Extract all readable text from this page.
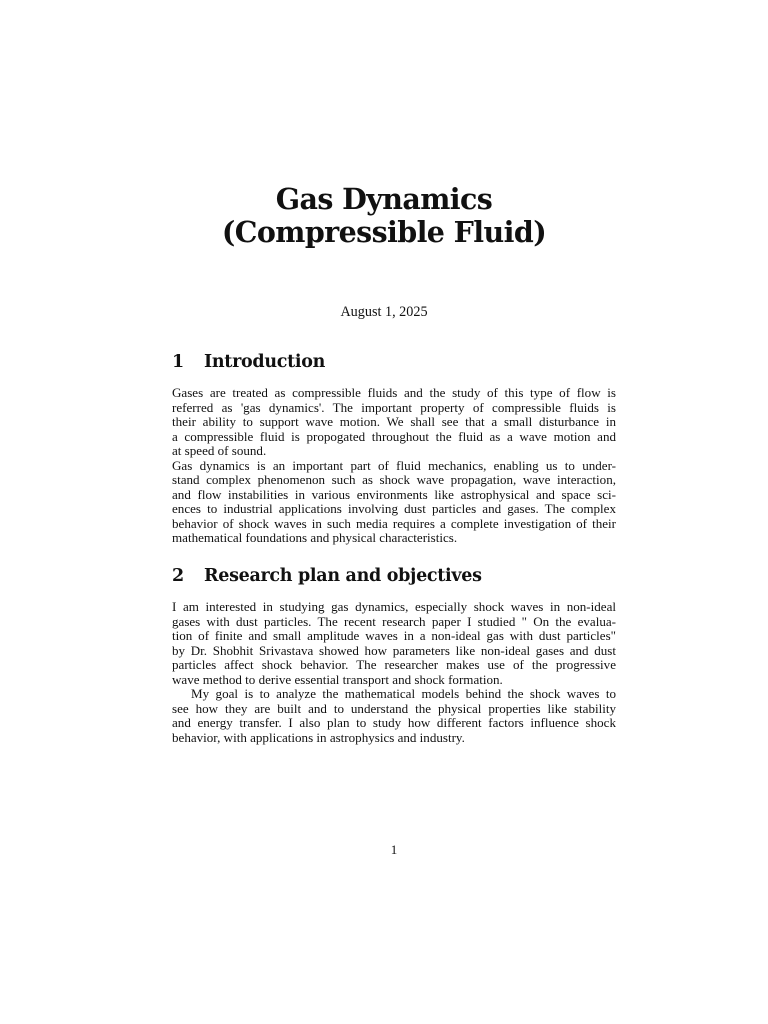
Gas Dynamics
(Compressible Fluid)
August 1, 2025
1 Introduction
Gases are treated as compressible fluids and the study of this type of flow is
referred as 'gas dynamics'. The important property of compressible fluids is
their ability to support wave motion. We shall see that a small disturbance in
a compressible fluid is propogated throughout the fluid as a wave motion and
at speed of sound.
Gas dynamics is an important part of fluid mechanics, enabling us to under-
stand complex phenomenon such as shock wave propagation, wave interaction,
and flow instabilities in various environments like astrophysical and space sci-
ences to industrial applications involving dust particles and gases. The complex
behavior of shock waves in such media requires a complete investigation of their
mathematical foundations and physical characteristics.
2 Research plan and objectives
I am interested in studying gas dynamics, especially shock waves in non-ideal
gases with dust particles. The recent research paper I studied " On the evalua-
tion of finite and small amplitude waves in a non-ideal gas with dust particles"
by Dr. Shobhit Srivastava showed how parameters like non-ideal gases and dust
particles affect shock behavior. The researcher makes use of the progressive
wave method to derive essential transport and shock formation.
My goal is to analyze the mathematical models behind the shock waves to
see how they are built and to understand the physical properties like stability
and energy transfer. I also plan to study how different factors influence shock
behavior, with applications in astrophysics and industry.
1
